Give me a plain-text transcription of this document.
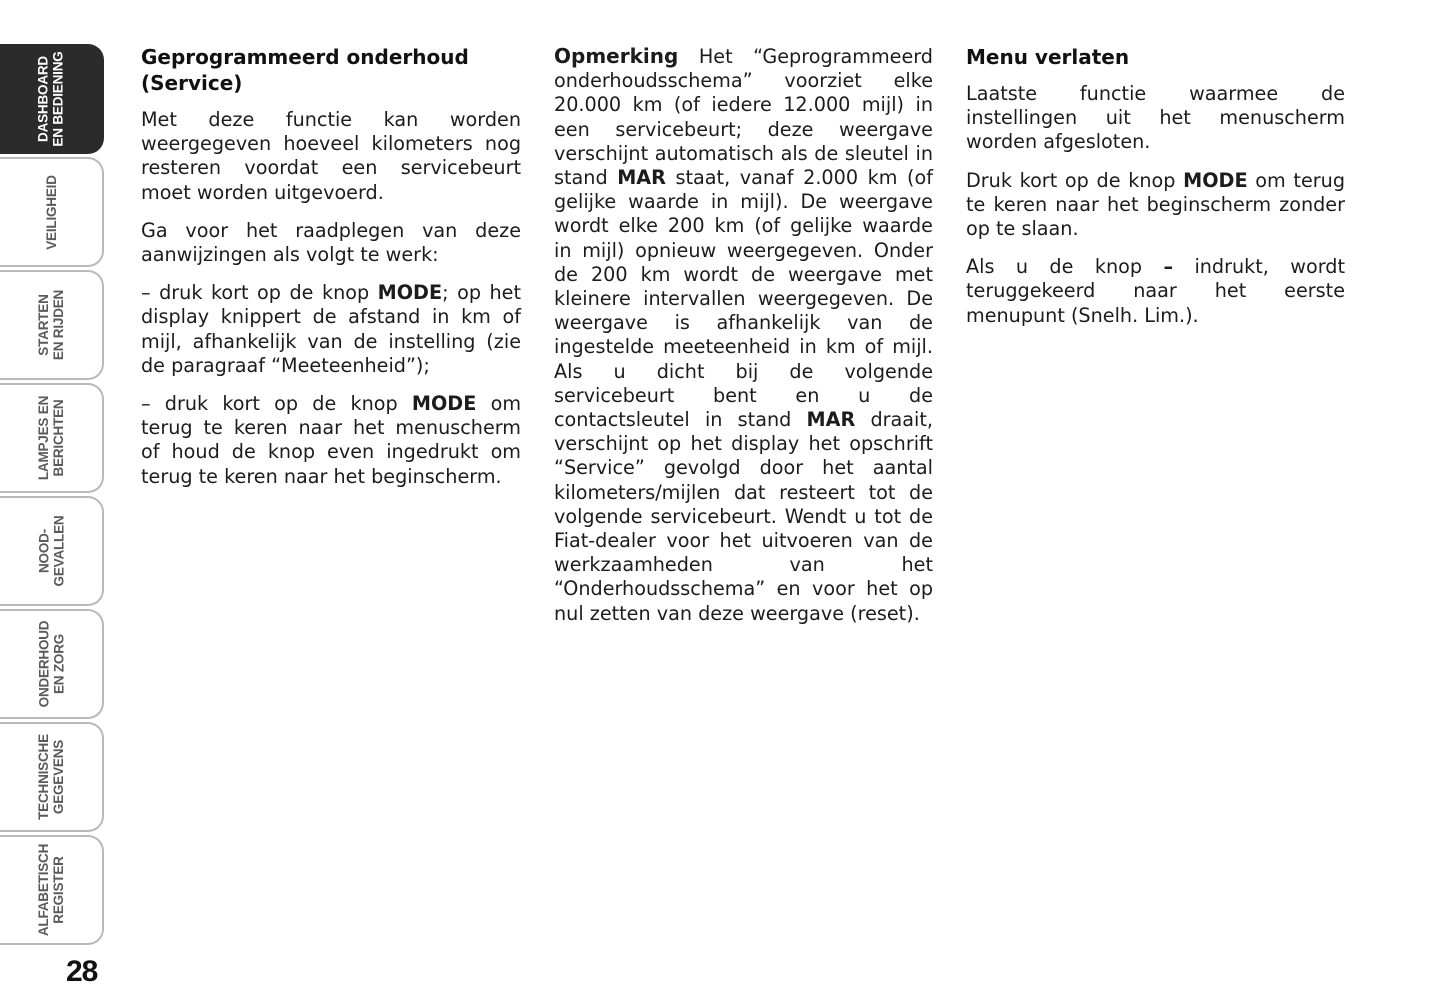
DASHBOARD EN BEDIENING
VEILIGHEID
STARTEN EN RIJDEN
LAMPJES EN BERICHTEN
NOOD- GEVALLEN
ONDERHOUD EN ZORG
TECHNISCHE GEGEVENS
ALFABETISCH REGISTER
28
Geprogrammeerd onderhoud (Service)

Met deze functie kan worden weergegeven hoeveel kilometers nog resteren voordat een servicebeurt moet worden uitgevoerd.

Ga voor het raadplegen van deze aanwijzingen als volgt te werk:

– druk kort op de knop MODE; op het display knippert de afstand in km of mijl, afhankelijk van de instelling (zie de paragraaf “Meeteenheid”);

– druk kort op de knop MODE om terug te keren naar het menuscherm of houd de knop even ingedrukt om terug te keren naar het beginscherm.

Opmerking Het “Geprogrammeerd onderhoudsschema” voorziet elke 20.000 km (of iedere 12.000 mijl) in een servicebeurt; deze weergave verschijnt automatisch als de sleutel in stand MAR staat, vanaf 2.000 km (of gelijke waarde in mijl). De weergave wordt elke 200 km (of gelijke waarde in mijl) opnieuw weergegeven. Onder de 200 km wordt de weergave met kleinere intervallen weergegeven. De weergave is afhankelijk van de ingestelde meeteenheid in km of mijl. Als u dicht bij de volgende servicebeurt bent en u de contactsleutel in stand MAR draait, verschijnt op het display het opschrift “Service” gevolgd door het aantal kilometers/mijlen dat resteert tot de volgende servicebeurt. Wendt u tot de Fiat-dealer voor het uitvoeren van de werkzaamheden van het “Onderhoudsschema” en voor het op nul zetten van deze weergave (reset).

Menu verlaten

Laatste functie waarmee de instellingen uit het menuscherm worden afgesloten.

Druk kort op de knop MODE om terug te keren naar het beginscherm zonder op te slaan.

Als u de knop – indrukt, wordt teruggekeerd naar het eerste menupunt (Snelh. Lim.).
